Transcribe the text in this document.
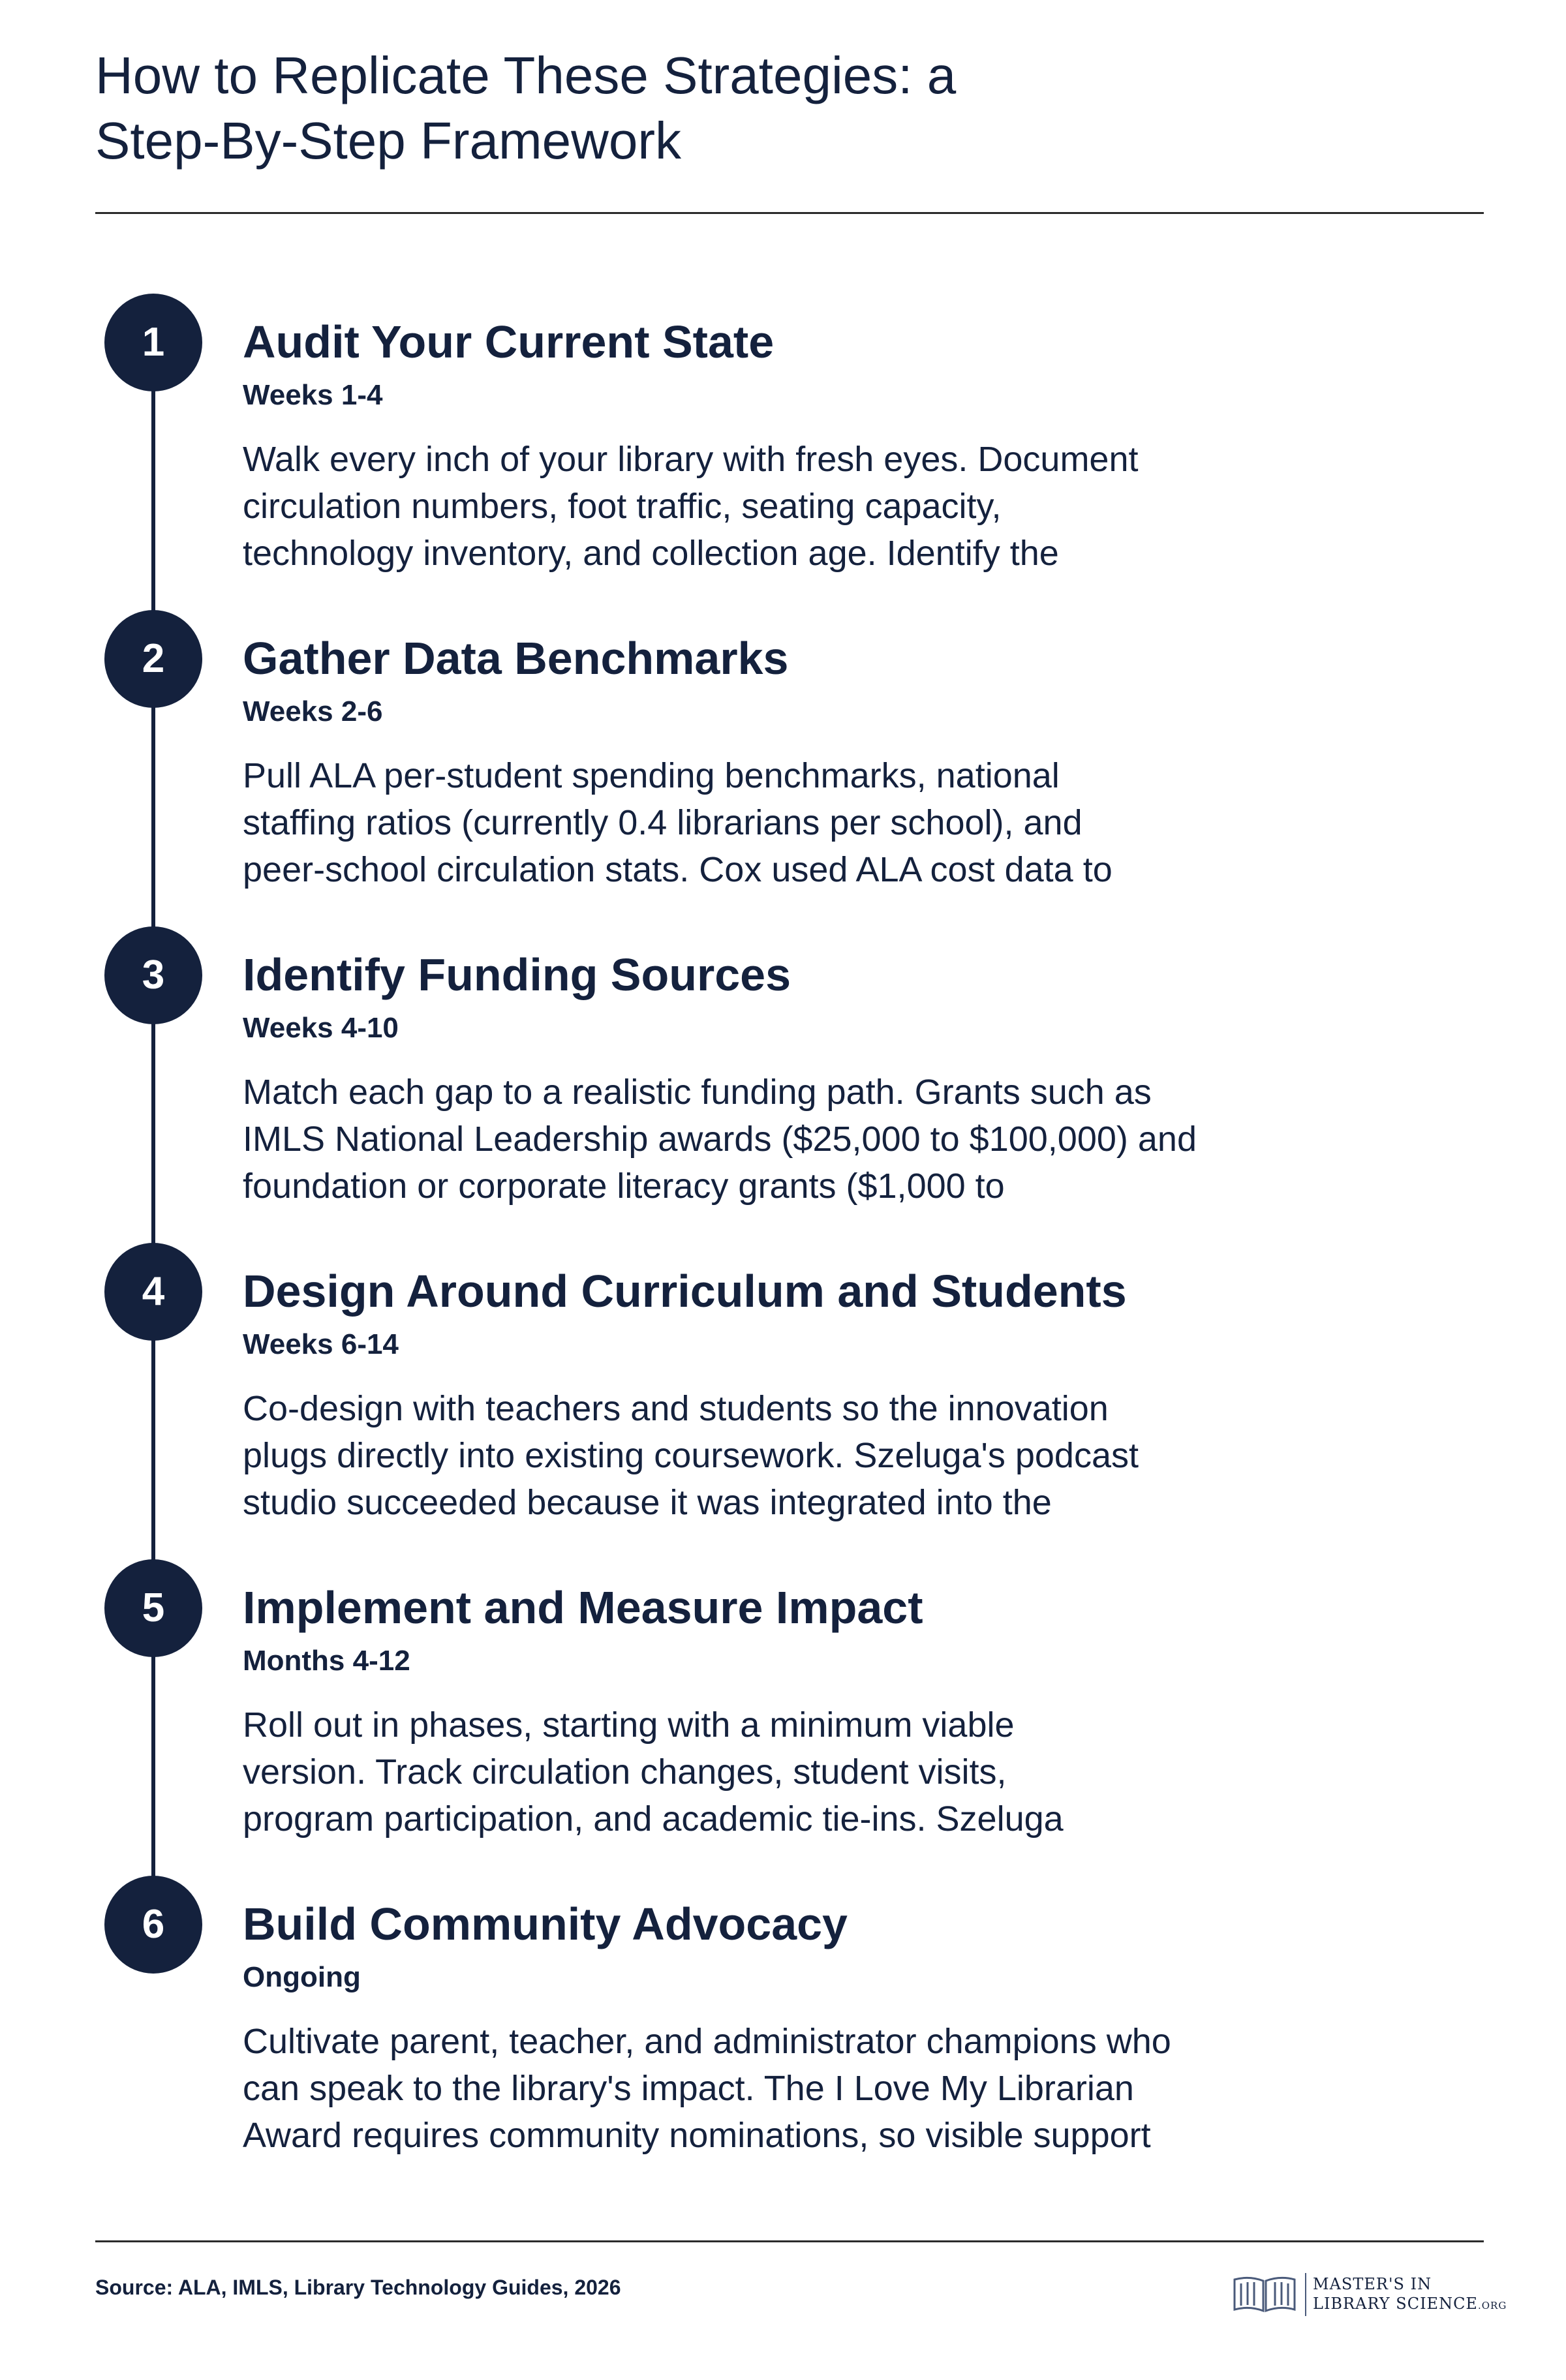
How to Replicate These Strategies: a
Step-By-Step Framework
1	Audit Your Current State
Weeks 1-4
Walk every inch of your library with fresh eyes. Document
circulation numbers, foot traffic, seating capacity,
technology inventory, and collection age. Identify the
2	Gather Data Benchmarks
Weeks 2-6
Pull ALA per-student spending benchmarks, national
staffing ratios (currently 0.4 librarians per school), and
peer-school circulation stats. Cox used ALA cost data to
3	Identify Funding Sources
Weeks 4-10
Match each gap to a realistic funding path. Grants such as
IMLS National Leadership awards ($25,000 to $100,000) and
foundation or corporate literacy grants ($1,000 to
4	Design Around Curriculum and Students
Weeks 6-14
Co-design with teachers and students so the innovation
plugs directly into existing coursework. Szeluga's podcast
studio succeeded because it was integrated into the
5	Implement and Measure Impact
Months 4-12
Roll out in phases, starting with a minimum viable
version. Track circulation changes, student visits,
program participation, and academic tie-ins. Szeluga
6	Build Community Advocacy
Ongoing
Cultivate parent, teacher, and administrator champions who
can speak to the library's impact. The I Love My Librarian
Award requires community nominations, so visible support
Source: ALA, IMLS, Library Technology Guides, 2026	MASTER'S IN
LIBRARY SCIENCE.ORG
